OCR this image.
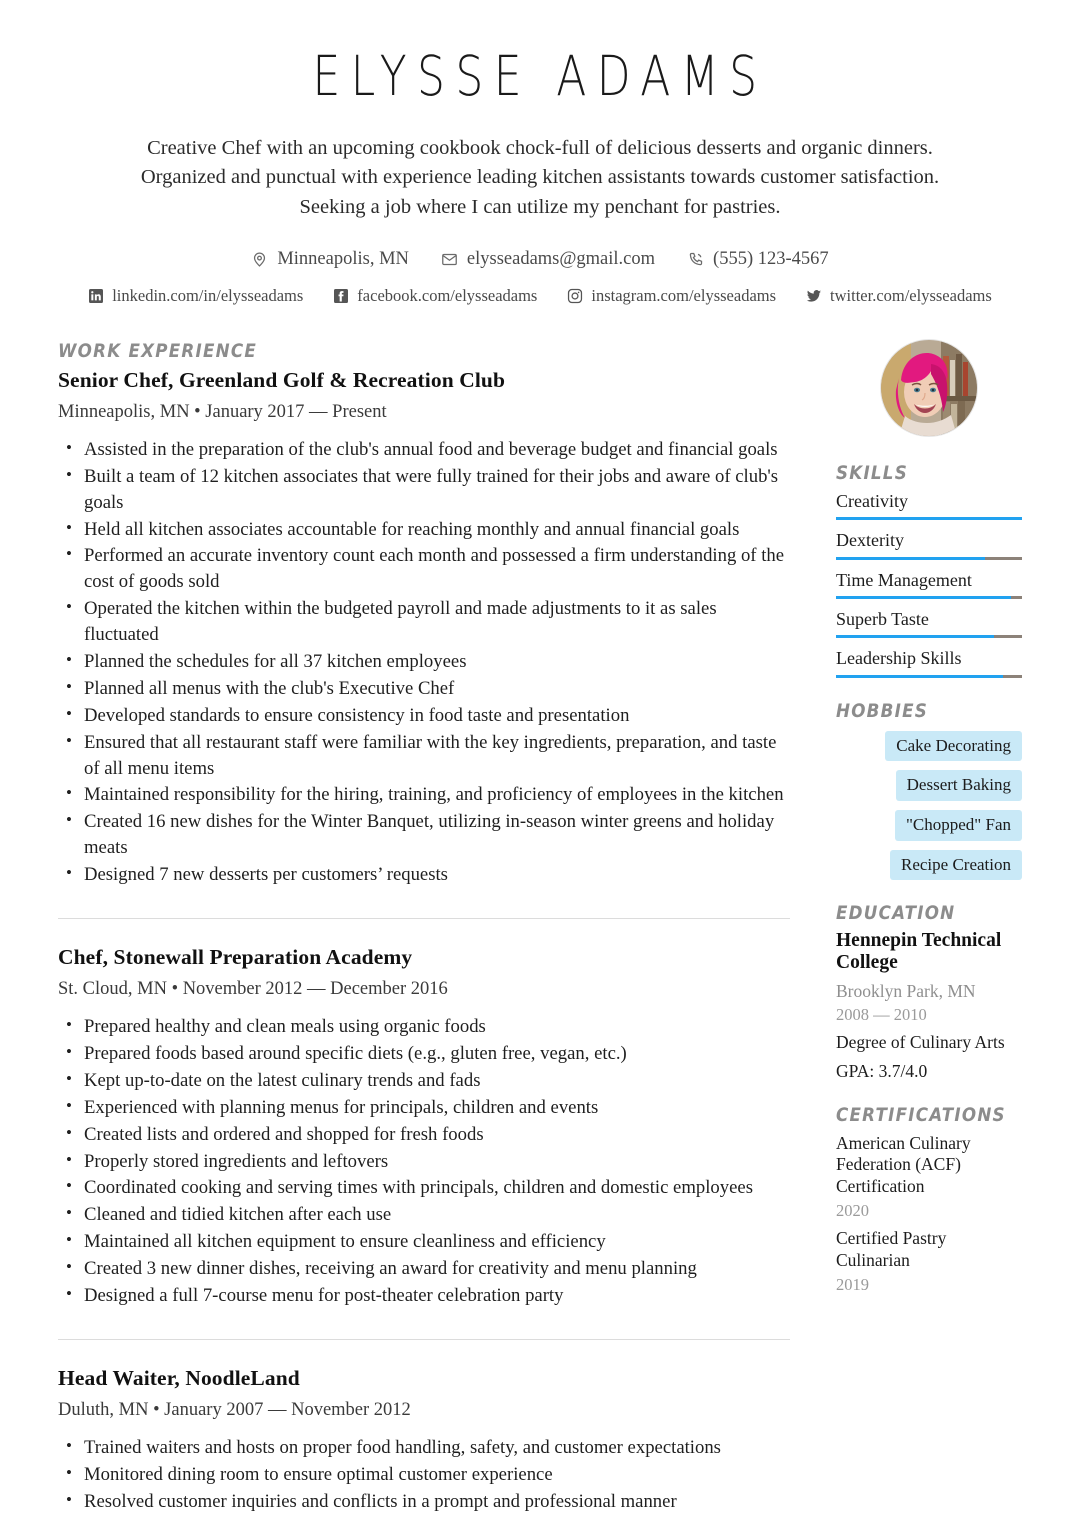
ELYSSE ADAMS
Creative Chef with an upcoming cookbook chock-full of delicious desserts and organic dinners. Organized and punctual with experience leading kitchen assistants towards customer satisfaction. Seeking a job where I can utilize my penchant for pastries.
Minneapolis, MN	elysseadams@gmail.com	(555) 123-4567
linkedin.com/in/elysseadams	facebook.com/elysseadams	instagram.com/elysseadams	twitter.com/elysseadams
WORK EXPERIENCE
Senior Chef, Greenland Golf & Recreation Club
Minneapolis, MN • January 2017 — Present
• Assisted in the preparation of the club's annual food and beverage budget and financial goals
• Built a team of 12 kitchen associates that were fully trained for their jobs and aware of club's goals
• Held all kitchen associates accountable for reaching monthly and annual financial goals
• Performed an accurate inventory count each month and possessed a firm understanding of the cost of goods sold
• Operated the kitchen within the budgeted payroll and made adjustments to it as sales fluctuated
• Planned the schedules for all 37 kitchen employees
• Planned all menus with the club's Executive Chef
• Developed standards to ensure consistency in food taste and presentation
• Ensured that all restaurant staff were familiar with the key ingredients, preparation, and taste of all menu items
• Maintained responsibility for the hiring, training, and proficiency of employees in the kitchen
• Created 16 new dishes for the Winter Banquet, utilizing in-season winter greens and holiday meats
• Designed 7 new desserts per customers’ requests
Chef, Stonewall Preparation Academy
St. Cloud, MN • November 2012 — December 2016
• Prepared healthy and clean meals using organic foods
• Prepared foods based around specific diets (e.g., gluten free, vegan, etc.)
• Kept up-to-date on the latest culinary trends and fads
• Experienced with planning menus for principals, children and events
• Created lists and ordered and shopped for fresh foods
• Properly stored ingredients and leftovers
• Coordinated cooking and serving times with principals, children and domestic employees
• Cleaned and tidied kitchen after each use
• Maintained all kitchen equipment to ensure cleanliness and efficiency
• Created 3 new dinner dishes, receiving an award for creativity and menu planning
• Designed a full 7-course menu for post-theater celebration party
Head Waiter, NoodleLand
Duluth, MN • January 2007 — November 2012
• Trained waiters and hosts on proper food handling, safety, and customer expectations
• Monitored dining room to ensure optimal customer experience
• Resolved customer inquiries and conflicts in a prompt and professional manner
SKILLS
Creativity
Dexterity
Time Management
Superb Taste
Leadership Skills
HOBBIES
Cake Decorating
Dessert Baking
"Chopped" Fan
Recipe Creation
EDUCATION
Hennepin Technical College
Brooklyn Park, MN
2008 — 2010
Degree of Culinary Arts
GPA: 3.7/4.0
CERTIFICATIONS
American Culinary Federation (ACF) Certification
2020
Certified Pastry Culinarian
2019
